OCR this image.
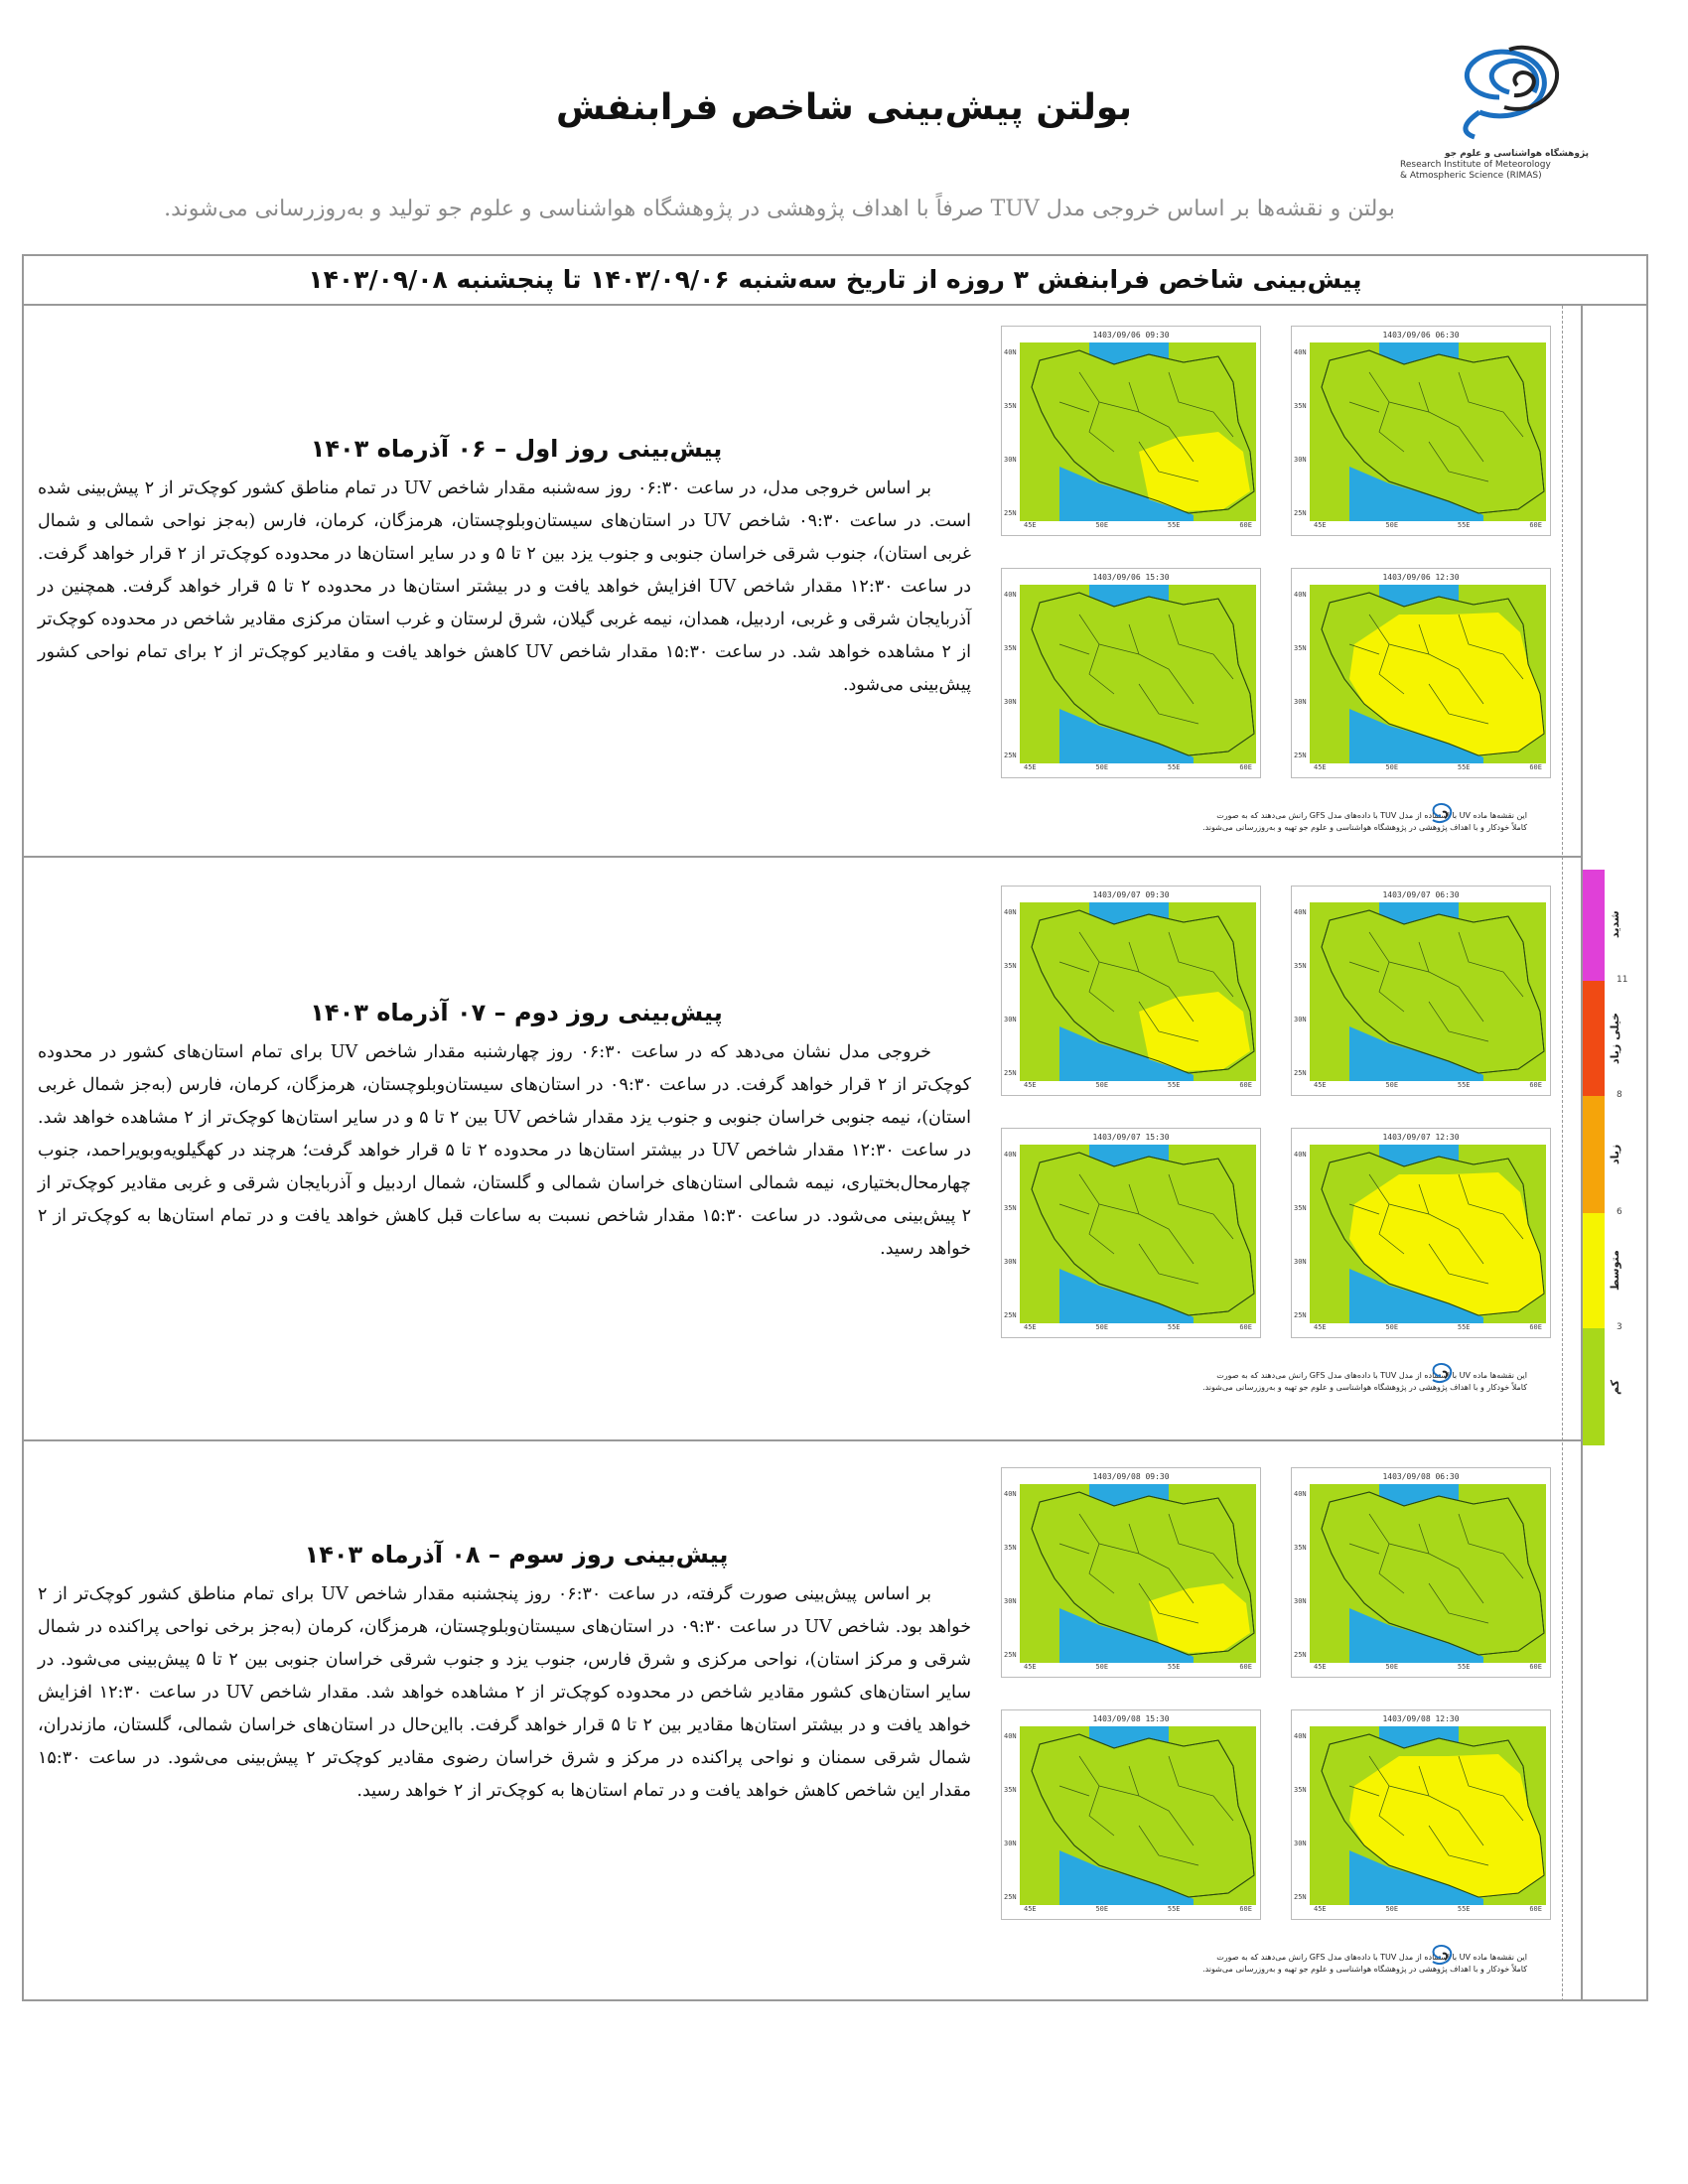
بولتن پیش‌بینی شاخص فرابنفش
پژوهشگاه هواشناسی و علوم جو
Research Institute of Meteorology
& Atmospheric Science (RIMAS)
بولتن و نقشه‌ها بر اساس خروجی مدل TUV صرفاً با اهداف پژوهشی در پژوهشگاه هواشناسی و علوم جو تولید و به‌روزرسانی می‌شوند.
پیش‌بینی شاخص فرابنفش ۳ روزه از تاریخ سه‌شنبه ۱۴۰۳/۰۹/۰۶ تا پنجشنبه ۱۴۰۳/۰۹/۰۸
پیش‌بینی روز اول – ۰۶ آذرماه ۱۴۰۳

بر اساس خروجی مدل، در ساعت ۰۶:۳۰ روز سه‌شنبه مقدار شاخص UV در تمام مناطق کشور کوچک‌تر از ۲ پیش‌بینی شده است. در ساعت ۰۹:۳۰ شاخص UV در استان‌های سیستان‌وبلوچستان، هرمزگان، کرمان، فارس (به‌جز نواحی شمالی و شمال غربی استان)، جنوب شرقی خراسان جنوبی و جنوب یزد بین ۲ تا ۵ و در سایر استان‌ها در محدوده کوچک‌تر از ۲ قرار خواهد گرفت. در ساعت ۱۲:۳۰ مقدار شاخص UV افزایش خواهد یافت و در بیشتر استان‌ها در محدوده ۲ تا ۵ قرار خواهد گرفت. همچنین در آذربایجان شرقی و غربی، اردبیل، همدان، نیمه غربی گیلان، شرق لرستان و غرب استان مرکزی مقادیر شاخص در محدوده کوچک‌تر از ۲ مشاهده خواهد شد. در ساعت ۱۵:۳۰ مقدار شاخص UV کاهش خواهد یافت و مقادیر کوچک‌تر از ۲ برای تمام نواحی کشور پیش‌بینی می‌شود.

1403/09/06 09:30
45E	50E	55E	60E
40N
35N
30N
25N
1403/09/06 06:30
45E	50E	55E	60E
40N
35N
30N
25N
1403/09/06 15:30
45E	50E	55E	60E
40N
35N
30N
25N
1403/09/06 12:30
45E	50E	55E	60E
40N
35N
30N
25N
این نقشه‌ها ماده UV با استفاده از مدل TUV با داده‌های مدل GFS رانش می‌دهند که به صورت
کاملاً خودکار و با اهداف پژوهشی در پژوهشگاه هواشناسی و علوم جو تهیه و به‌روزرسانی می‌شوند.
پیش‌بینی روز دوم – ۰۷ آذرماه ۱۴۰۳

خروجی مدل نشان می‌دهد که در ساعت ۰۶:۳۰ روز چهارشنبه مقدار شاخص UV برای تمام استان‌های کشور در محدوده کوچک‌تر از ۲ قرار خواهد گرفت. در ساعت ۰۹:۳۰ در استان‌های سیستان‌وبلوچستان، هرمزگان، کرمان، فارس (به‌جز شمال غربی استان)، نیمه جنوبی خراسان جنوبی و جنوب یزد مقدار شاخص UV بین ۲ تا ۵ و در سایر استان‌ها کوچک‌تر از ۲ مشاهده خواهد شد. در ساعت ۱۲:۳۰ مقدار شاخص UV در بیشتر استان‌ها در محدوده ۲ تا ۵ قرار خواهد گرفت؛ هرچند در کهگیلویه‌وبویراحمد، جنوب چهارمحال‌بختیاری، نیمه شمالی استان‌های خراسان شمالی و گلستان، شمال اردبیل و آذربایجان شرقی و غربی مقادیر کوچک‌تر از ۲ پیش‌بینی می‌شود. در ساعت ۱۵:۳۰ مقدار شاخص نسبت به ساعات قبل کاهش خواهد یافت و در تمام استان‌ها به کوچک‌تر از ۲ خواهد رسید.

1403/09/07 09:30
45E	50E	55E	60E
40N
35N
30N
25N
1403/09/07 06:30
45E	50E	55E	60E
40N
35N
30N
25N
1403/09/07 15:30
45E	50E	55E	60E
40N
35N
30N
25N
1403/09/07 12:30
45E	50E	55E	60E
40N
35N
30N
25N
این نقشه‌ها ماده UV با استفاده از مدل TUV با داده‌های مدل GFS رانش می‌دهند که به صورت
کاملاً خودکار و با اهداف پژوهشی در پژوهشگاه هواشناسی و علوم جو تهیه و به‌روزرسانی می‌شوند.
پیش‌بینی روز سوم – ۰۸ آذرماه ۱۴۰۳

بر اساس پیش‌بینی صورت گرفته، در ساعت ۰۶:۳۰ روز پنجشنبه مقدار شاخص UV برای تمام مناطق کشور کوچک‌تر از ۲ خواهد بود. شاخص UV در ساعت ۰۹:۳۰ در استان‌های سیستان‌وبلوچستان، هرمزگان، کرمان (به‌جز برخی نواحی پراکنده در شمال شرقی و مرکز استان)، نواحی مرکزی و شرق فارس، جنوب یزد و جنوب شرقی خراسان جنوبی بین ۲ تا ۵ پیش‌بینی می‌شود. در سایر استان‌های کشور مقادیر شاخص در محدوده کوچک‌تر از ۲ مشاهده خواهد شد. مقدار شاخص UV در ساعت ۱۲:۳۰ افزایش خواهد یافت و در بیشتر استان‌ها مقادیر بین ۲ تا ۵ قرار خواهد گرفت. بااین‌حال در استان‌های خراسان شمالی، گلستان، مازندران، شمال شرقی سمنان و نواحی پراکنده در مرکز و شرق خراسان رضوی مقادیر کوچک‌تر ۲ پیش‌بینی می‌شود. در ساعت ۱۵:۳۰ مقدار این شاخص کاهش خواهد یافت و در تمام استان‌ها به کوچک‌تر از ۲ خواهد رسید.

1403/09/08 09:30
45E	50E	55E	60E
40N
35N
30N
25N
1403/09/08 06:30
45E	50E	55E	60E
40N
35N
30N
25N
1403/09/08 15:30
45E	50E	55E	60E
40N
35N
30N
25N
1403/09/08 12:30
45E	50E	55E	60E
40N
35N
30N
25N
این نقشه‌ها ماده UV با استفاده از مدل TUV با داده‌های مدل GFS رانش می‌دهند که به صورت
کاملاً خودکار و با اهداف پژوهشی در پژوهشگاه هواشناسی و علوم جو تهیه و به‌روزرسانی می‌شوند.
شدید
خیلی زیاد
زیاد
متوسط
کم
11
8
6
3
